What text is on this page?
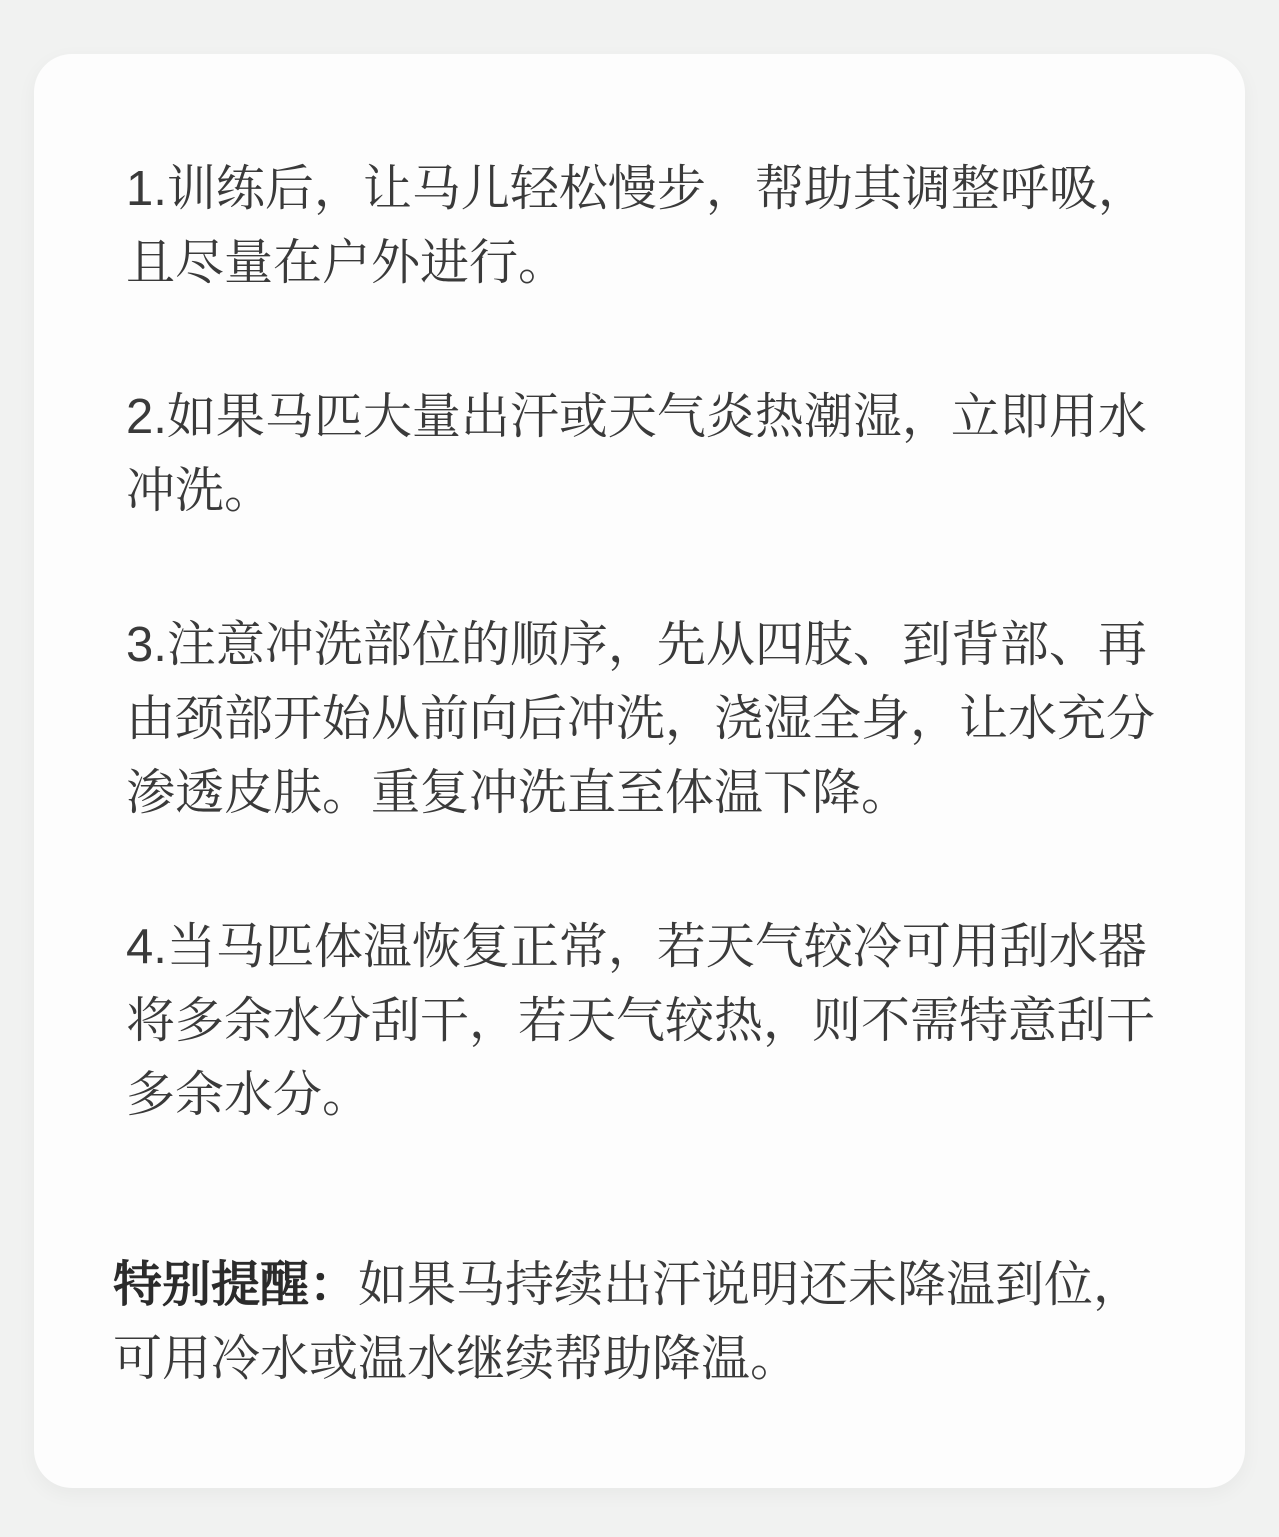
1.训练后，让马儿轻松慢步，帮助其调整呼吸，且尽量在户外进行。

2.如果马匹大量出汗或天气炎热潮湿，立即用水冲洗。

3.注意冲洗部位的顺序，先从四肢、到背部、再由颈部开始从前向后冲洗，浇湿全身，让水充分渗透皮肤。重复冲洗直至体温下降。

4.当马匹体温恢复正常，若天气较冷可用刮水器将多余水分刮干，若天气较热，则不需特意刮干多余水分。

特别提醒：如果马持续出汗说明还未降温到位，可用冷水或温水继续帮助降温。
